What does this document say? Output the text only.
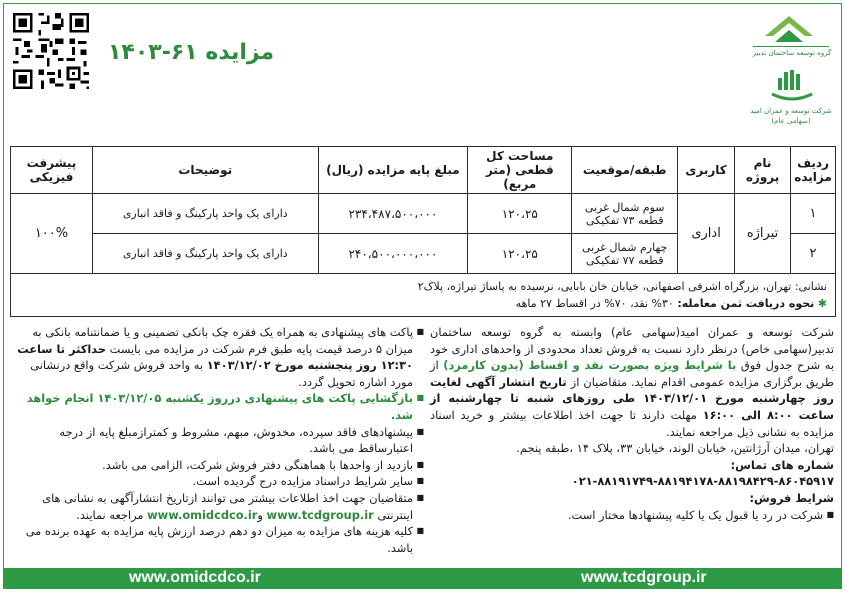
مزایده ۶۱-۱۴۰۳	گروه توسعه ساختمان تدبیر
شرکت توسعه و عمران امید (سهامی عام)
ردیف مزایده	نام پروژه	کاربری	طبقه/موقعیت	مساحت کل قطعی (متر مربع)	مبلغ پایه مزایده (ریال)	توضیحات	پیشرفت فیزیکی
۱	تیراژه	اداری	سوم شمال غربی قطعه ۷۳ تفکیکی	۱۲۰،۲۵	۲۳۴،۴۸۷،۵۰۰،۰۰۰	دارای یک واحد پارکینگ و فاقد انباری	۱۰۰%
۲			چهارم شمال غربی قطعه ۷۷ تفکیکی	۱۲۰،۲۵	۲۴۰،۵۰۰،۰۰۰،۰۰۰	دارای یک واحد پارکینگ و فاقد انباری	
نشانی: تهران، بزرگراه اشرفی اصفهانی، خیابان خان بابایی، نرسیده به پاساژ تیراژه، پلاک۲
✱ نحوه دریافت ثمن معامله: ۳۰% نقد، ۷۰% در اقساط ۲۷ ماهه

شرکت توسعه و عمران امید(سهامی عام) وابسته به گروه توسعه ساختمان تدبیر(سهامی خاص) درنظر دارد نسبت به فروش تعداد محدودی از واحدهای اداری خود به شرح جدول فوق با شرایط ویژه بصورت نقد و اقساط (بدون کارمزد) از طریق برگزاری مزایده عمومی اقدام نماید. متقاضیان از تاریخ انتشار آگهی لغایت روز چهارشنبه مورخ ۱۴۰۳/۱۲/۰۱ طی روزهای شنبه تا چهارشنبه از ساعت ۸:۰۰ الی ۱۶:۰۰ مهلت دارند تا جهت اخذ اطلاعات بیشتر و خرید اسناد مزایده به نشانی ذیل مراجعه نمایند.

تهران، میدان آرژانتین، خیابان الوند، خیابان ۳۳، پلاک ۱۴ ،طبقه پنجم.

شماره های تماس:

۰۲۱-۸۸۱۹۱۷۴۹-۸۸۱۹۴۱۷۸-۸۸۱۹۸۴۲۹-۸۶۰۴۵۹۱۷

شرایط فروش:

■ شرکت در رد یا قبول یک یا کلیه پیشنهادها مختار است.

■ پاکت های پیشنهادی به همراه یک فقره چک بانکی تضمینی و یا ضمانتنامه بانکی به میزان ۵ درصد قیمت پایه طبق فرم شرکت در مزایده می بایست حداکثر تا ساعت ۱۲:۳۰ روز پنجشنبه مورخ ۱۴۰۳/۱۲/۰۲ به واحد فروش شرکت واقع درنشانی مورد اشاره تحویل گردد.
■ بازگشایی پاکت های پیشنهادی درروز یکشنبه ۱۴۰۳/۱۲/۰۵ انجام خواهد شد.
■ پیشنهادهای فاقد سپرده، مخدوش، مبهم، مشروط و کمترازمبلغ پایه از درجه اعتبارساقط می باشد.
■ بازدید از واحدها با هماهنگی دفتر فروش شرکت، الزامی می باشد.
■ سایر شرایط دراسناد مزایده درج گردیده است.
■ متقاضیان جهت اخذ اطلاعات بیشتر می توانند ازتاریخ انتشارآگهی به نشانی های اینترنتی www.tcdgroup.ir وwww.omidcdco.ir مراجعه نمایند.
■ کلیه هزینه های مزایده به میزان دو دهم درصد ارزش پایه مزایده به عهده برنده می باشد.
www.omidcdco.ir	www.tcdgroup.ir
